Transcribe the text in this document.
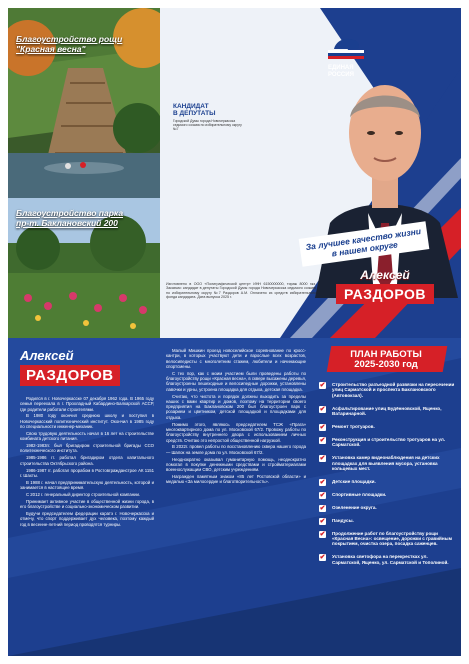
Благоустройство рощи
"Красная весна"
Благоустройство парка
пр-т. Баклановский 200
ЕДИНАЯ
РОССИЯ
КАНДИДАТ
В ДЕПУТАТЫ
Городской Думы города Новочеркасска седьмого созыва по избирательному округу №7
За лучшее качество жизни в нашем округе
Алексей
РАЗДОРОВ
Изготовлено в ООО «Полиграфический центр» ИНН 6150000000, тираж 8000 экз. Заказчик: кандидат в депутаты Городской Думы города Новочеркасска седьмого созыва по избирательному округу №7 Раздоров А.М. Оплачено из средств избирательного фонда кандидата. Дата выпуска 2025 г.
Алексей
РАЗДОРОВ

Родился в г. Новочеркасске 07 декабря 1962 года. В 1965 году семья переехала в г. Прохладный Кабардино-Балкарской АССР, где родители работали строителями.

В 1980 году окончил среднюю школу и поступил в Новочеркасский политехнический институт. Окончил в 1985 году по специальности инженер-механик.

Свою трудовую деятельность начал в 16 лет на строительстве комбината детского питания.

1982-1983гг. был бригадиром строительной бригады ССО политехнического института.

1985-1986 гг. работал бригадиром отдела капитального строительства Октябрьского района.

1986-1987 гг. работал прорабом в Ростовгражданстрое АК 1151 г. Шахты.

В 1988 г. начал предпринимательскую деятельность, которой и занимается в настоящее время.

С 2012 г. генеральный директор строительной компании.

Принимает активное участие в общественной жизни города, в его благоустройстве и социально-экономическом развитии.

Будучи председателем федерации каратэ г. Новочеркасска и отмечу, что спорт поддерживает дух человека, поэтому каждый год в весенне-летний период проводятся турниры.

Малый Мишкин проезд новоселийское соревнование по кросс-кантри, в которых участвуют дети и взрослые всех возрастов, велосипедисты с многолетним стажем, любители и начинающие спортсмены.

С тех пор, как с моим участием были проведены работы по благоустройству рощи «Красная весна», в сквере высажены деревья, благоустроены пешеходные и велосипедные дорожки, установлены лавочки и урны, устроена площадка для отдыха, детская площадка.

Считаю, что чистота и порядок должны выходить за пределы наших с вами квартир и домов, поэтому на территории своего предприятия на Баклановском 200 был благоустроен парк с розарием и цветником, детской площадкой и площадками для отдыха.

Помимо этого, являюсь председателем ТСЖ «Прага» многоквартирного дома по ул. Московской 67/2. Провожу работы по благоустройству внутреннего двора с использованием личных средств. Считаю это непростой общественной нагрузкой.

В 2022г. провел работы по восстановлению сквера нашего города — Шапок на земле дома по ул. Московской 67/2.

Неоднократно оказывал гуманитарную помощь, неоднократно помогал в покупке денежными средствами и стройматериалами военнослужащим СВО, детским учреждениям.

Награжден памятным знаком «85 лет Ростовской области» и медалью «За милосердие и благотворительность».

ПЛАН РАБОТЫ
2025-2030 год
✔ Строительство разъездной развязки на пересечении улиц Сарматской и проспекта Баклановского (Автовокзал).
✔ Асфальтирование улиц Будённовской, Ященко, Ватаринарной.
✔ Ремонт тротуаров.
✔ Реконструкция и строительство тротуаров на ул. Сарматской.
✔ Установка камер видеонаблюдения на детских площадках для выявления мусора, установка кольцевых мест.
✔ Детские площадки.
✔ Спортивные площадки.
✔ Озеленение округа.
✔ Пандусы.
✔ Продолжение работ по благоустройству рощи «Красная Весна»: освещение, дорожки с гравийным покрытием, очистка озера, посадка саженцев.
✔ Установка светофора на перекрестках ул. Сарматской, Ященко, ул. Сарматской и Тополиной.
